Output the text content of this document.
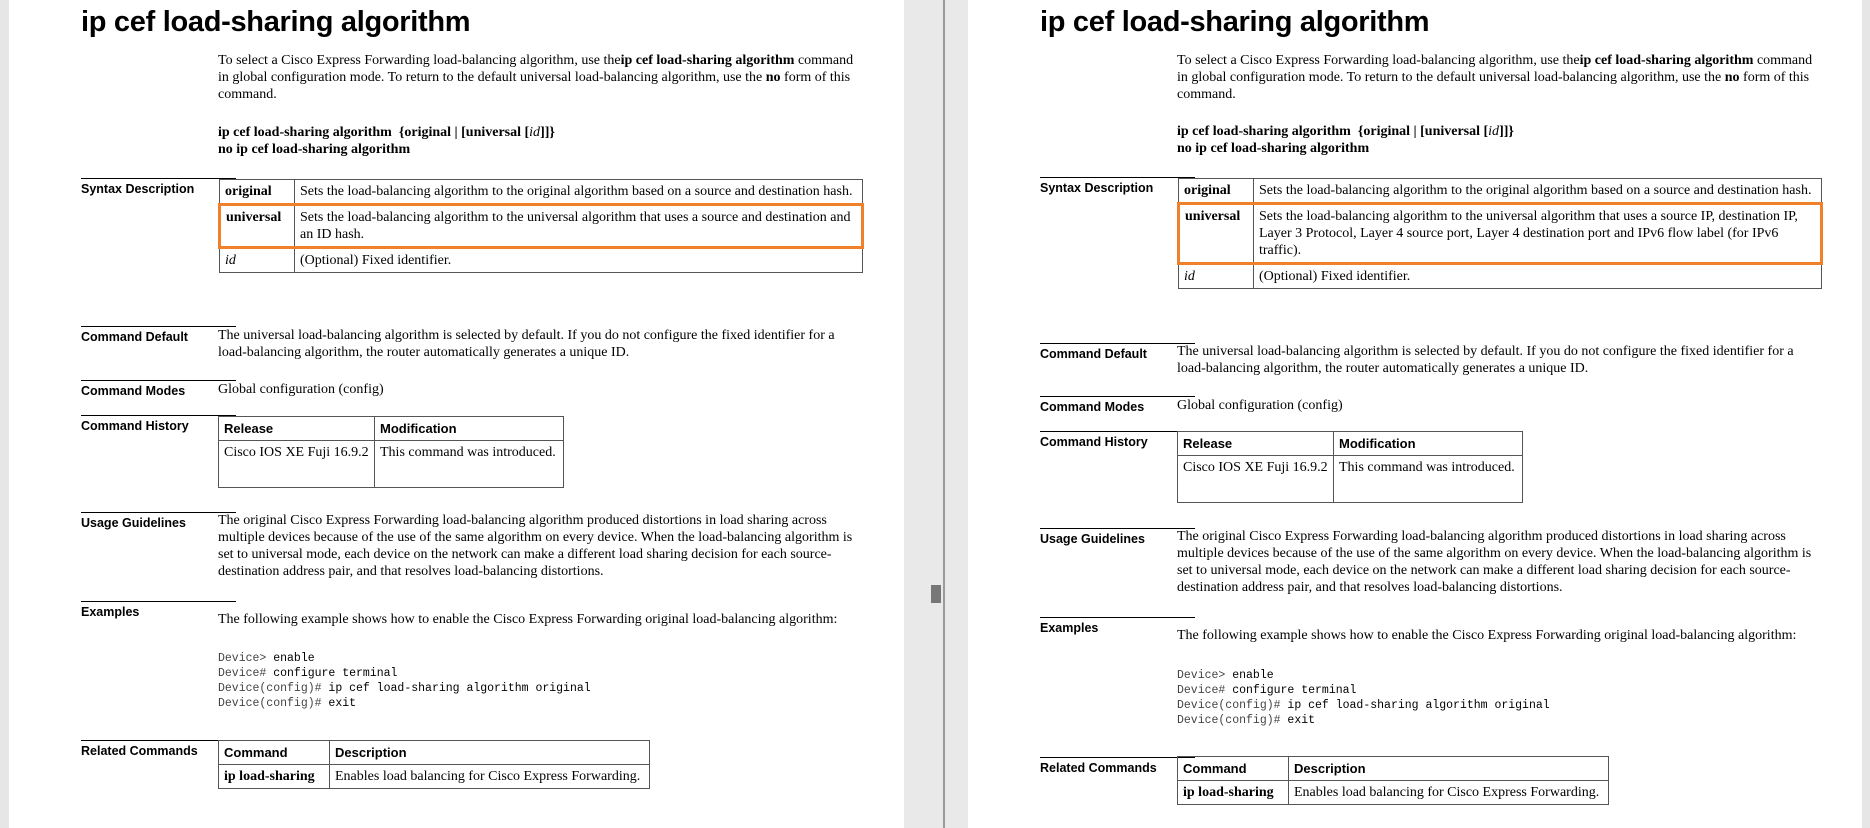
ip cef load-sharing algorithm
To select a Cisco Express Forwarding load-balancing algorithm, use theip cef load-sharing algorithm command in global configuration mode. To return to the default universal load-balancing algorithm, use the no form of this command.
ip cef load-sharing algorithm {original | [universal [id]]}
no ip cef load-sharing algorithm
Syntax Description	original	Sets the load-balancing algorithm to the original algorithm based on a source and destination hash.
universal	Sets the load-balancing algorithm to the universal algorithm that uses a source and destination and an ID hash.
id	(Optional) Fixed identifier.
Command Default	The universal load-balancing algorithm is selected by default. If you do not configure the fixed identifier for a load-balancing algorithm, the router automatically generates a unique ID.
Command Modes	Global configuration (config)
Command History	Release	Modification
Cisco IOS XE Fuji 16.9.2	This command was introduced.
Usage Guidelines	The original Cisco Express Forwarding load-balancing algorithm produced distortions in load sharing across multiple devices because of the use of the same algorithm on every device. When the load-balancing algorithm is set to universal mode, each device on the network can make a different load sharing decision for each source-destination address pair, and that resolves load-balancing distortions.
Examples	The following example shows how to enable the Cisco Express Forwarding original load-balancing algorithm:
Device> enable
Device# configure terminal
Device(config)# ip cef load-sharing algorithm original
Device(config)# exit
Related Commands	Command	Description
ip load-sharing	Enables load balancing for Cisco Express Forwarding.
ip cef load-sharing algorithm
To select a Cisco Express Forwarding load-balancing algorithm, use theip cef load-sharing algorithm command in global configuration mode. To return to the default universal load-balancing algorithm, use the no form of this command.
ip cef load-sharing algorithm {original | [universal [id]]}
no ip cef load-sharing algorithm
Syntax Description	original	Sets the load-balancing algorithm to the original algorithm based on a source and destination hash.
universal	Sets the load-balancing algorithm to the universal algorithm that uses a source IP, destination IP, Layer 3 Protocol, Layer 4 source port, Layer 4 destination port and IPv6 flow label (for IPv6 traffic).
id	(Optional) Fixed identifier.
Command Default	The universal load-balancing algorithm is selected by default. If you do not configure the fixed identifier for a load-balancing algorithm, the router automatically generates a unique ID.
Command Modes	Global configuration (config)
Command History	Release	Modification
Cisco IOS XE Fuji 16.9.2	This command was introduced.
Usage Guidelines	The original Cisco Express Forwarding load-balancing algorithm produced distortions in load sharing across multiple devices because of the use of the same algorithm on every device. When the load-balancing algorithm is set to universal mode, each device on the network can make a different load sharing decision for each source-destination address pair, and that resolves load-balancing distortions.
Examples	The following example shows how to enable the Cisco Express Forwarding original load-balancing algorithm:
Device> enable
Device# configure terminal
Device(config)# ip cef load-sharing algorithm original
Device(config)# exit
Related Commands	Command	Description
ip load-sharing	Enables load balancing for Cisco Express Forwarding.
